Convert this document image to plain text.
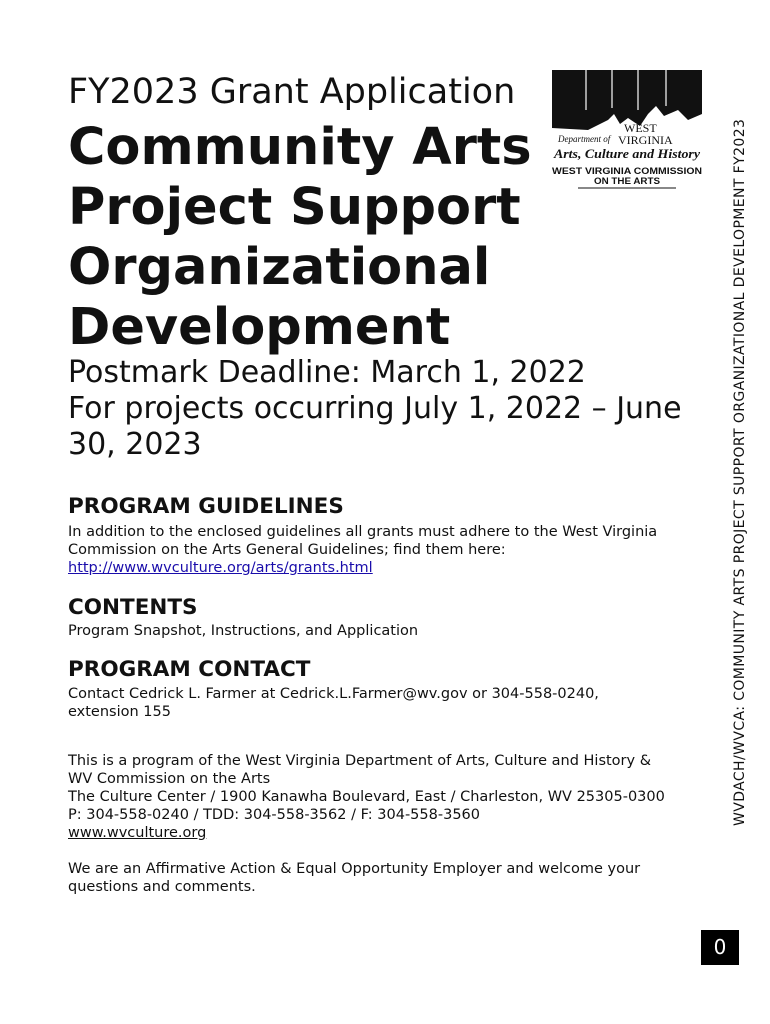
FY2023 Grant Application
Community Arts
Project Support
Organizational
Development
Department of
WEST
VIRGINIA
Arts, Culture and History
WEST VIRGINIA COMMISSION
ON THE ARTS
Postmark Deadline: March 1, 2022
For projects occurring July 1, 2022 – June
30, 2023
PROGRAM GUIDELINES
In addition to the enclosed guidelines all grants must adhere to the West Virginia
Commission on the Arts General Guidelines; find them here:
http://www.wvculture.org/arts/grants.html
CONTENTS
Program Snapshot, Instructions, and Application
PROGRAM CONTACT
Contact Cedrick L. Farmer at Cedrick.L.Farmer@wv.gov or 304-558-0240,
extension 155
This is a program of the West Virginia Department of Arts, Culture and History &
WV Commission on the Arts
The Culture Center / 1900 Kanawha Boulevard, East / Charleston, WV 25305-0300
P: 304-558-0240 / TDD: 304-558-3562 / F: 304-558-3560
www.wvculture.org
We are an Affirmative Action & Equal Opportunity Employer and welcome your
questions and comments.
WVDACH/WVCA: COMMUNITY ARTS PROJECT SUPPORT ORGANIZATIONAL DEVELOPMENT FY2023
0
